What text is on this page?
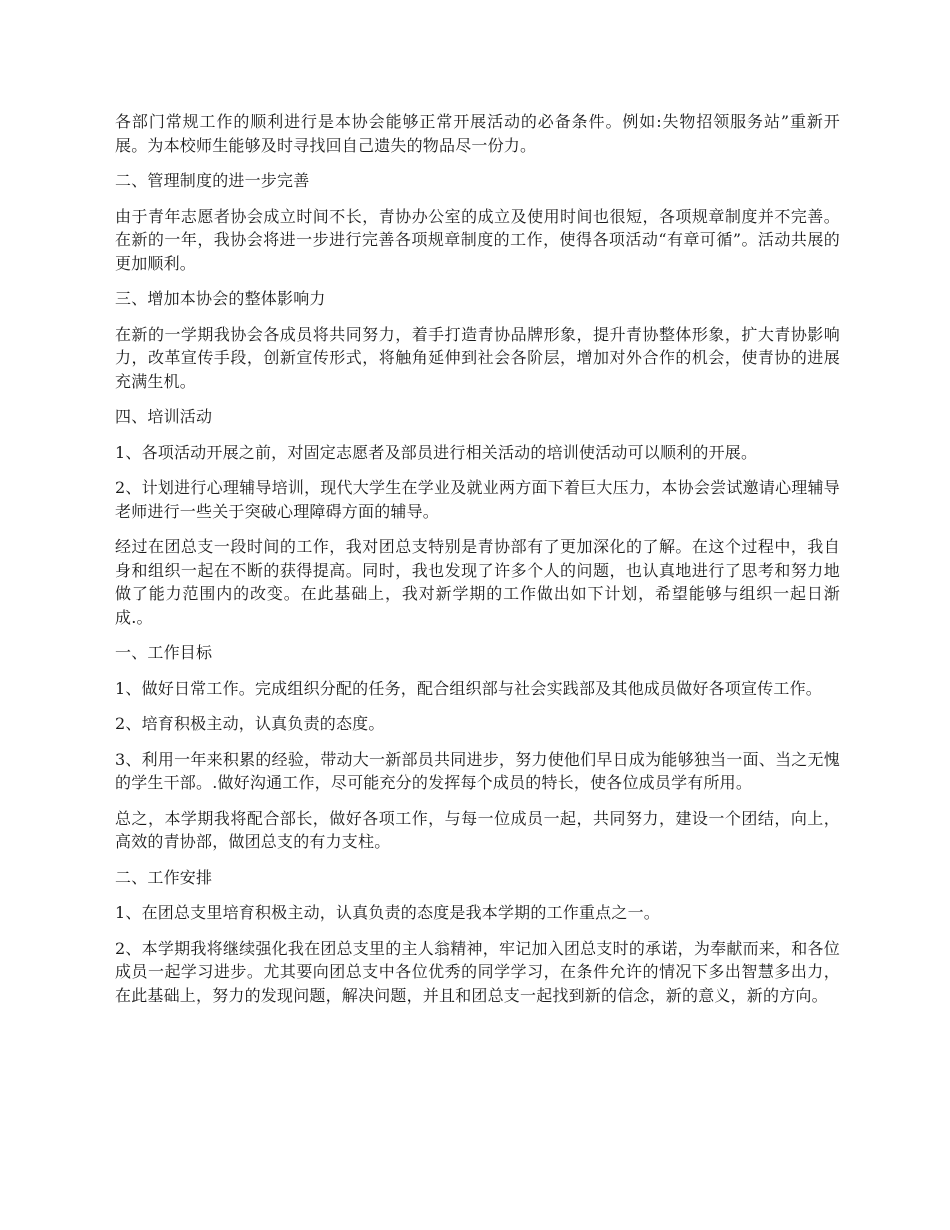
各部门常规工作的顺利进行是本协会能够正常开展活动的必备条件。例如:失物招领服务站”重新开展。为本校师生能够及时寻找回自己遗失的物品尽一份力。

二、管理制度的进一步完善

由于青年志愿者协会成立时间不长，青协办公室的成立及使用时间也很短，各项规章制度并不完善。在新的一年，我协会将进一步进行完善各项规章制度的工作，使得各项活动“有章可循”。活动共展的更加顺利。

三、增加本协会的整体影响力

在新的一学期我协会各成员将共同努力，着手打造青协品牌形象，提升青协整体形象，扩大青协影响力，改革宣传手段，创新宣传形式，将触角延伸到社会各阶层，增加对外合作的机会，使青协的进展充满生机。

四、培训活动

1、各项活动开展之前，对固定志愿者及部员进行相关活动的培训使活动可以顺利的开展。

2、计划进行心理辅导培训，现代大学生在学业及就业两方面下着巨大压力，本协会尝试邀请心理辅导老师进行一些关于突破心理障碍方面的辅导。

经过在团总支一段时间的工作，我对团总支特别是青协部有了更加深化的了解。在这个过程中，我自身和组织一起在不断的获得提高。同时，我也发现了许多个人的问题，也认真地进行了思考和努力地做了能力范围内的改变。在此基础上，我对新学期的工作做出如下计划，希望能够与组织一起日渐成.。

一、工作目标

1、做好日常工作。完成组织分配的任务，配合组织部与社会实践部及其他成员做好各项宣传工作。

2、培育积极主动，认真负责的态度。

3、利用一年来积累的经验，带动大一新部员共同进步，努力使他们早日成为能够独当一面、当之无愧的学生干部。.做好沟通工作，尽可能充分的发挥每个成员的特长，使各位成员学有所用。

总之，本学期我将配合部长，做好各项工作，与每一位成员一起，共同努力，建设一个团结，向上，高效的青协部，做团总支的有力支柱。

二、工作安排

1、在团总支里培育积极主动，认真负责的态度是我本学期的工作重点之一。

2、本学期我将继续强化我在团总支里的主人翁精神，牢记加入团总支时的承诺，为奉献而来，和各位成员一起学习进步。尤其要向团总支中各位优秀的同学学习，在条件允许的情况下多出智慧多出力，在此基础上，努力的发现问题，解决问题，并且和团总支一起找到新的信念，新的意义，新的方向。
